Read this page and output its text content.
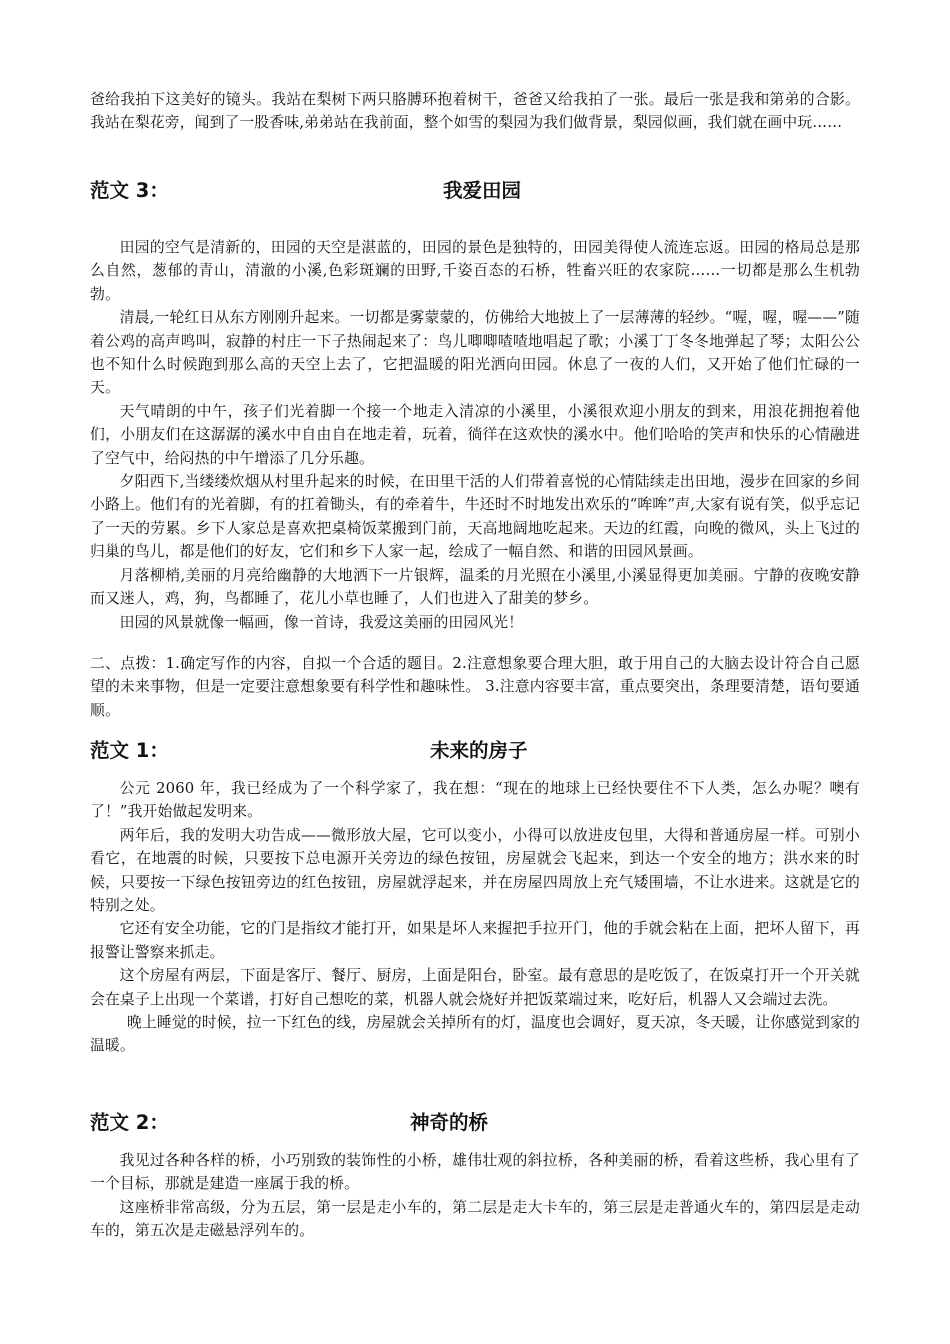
爸给我拍下这美好的镜头。我站在梨树下两只胳膊环抱着树干，爸爸又给我拍了一张。最后一张是我和第弟的合影。我站在梨花旁，闻到了一股香味,弟弟站在我前面，整个如雪的梨园为我们做背景，梨园似画，我们就在画中玩……

范文 3：	我爱田园

田园的空气是清新的，田园的天空是湛蓝的，田园的景色是独特的，田园美得使人流连忘返。田园的格局总是那么自然，葱郁的青山，清澈的小溪,色彩斑斓的田野,千姿百态的石桥，牲畜兴旺的农家院……一切都是那么生机勃勃。

清晨,一轮红日从东方刚刚升起来。一切都是雾蒙蒙的，仿佛给大地披上了一层薄薄的轻纱。“喔，喔，喔——”随着公鸡的高声鸣叫，寂静的村庄一下子热闹起来了：鸟儿唧唧喳喳地唱起了歌；小溪丁丁冬冬地弹起了琴；太阳公公也不知什么时候跑到那么高的天空上去了，它把温暖的阳光洒向田园。休息了一夜的人们，又开始了他们忙碌的一天。

天气晴朗的中午，孩子们光着脚一个接一个地走入清凉的小溪里，小溪很欢迎小朋友的到来，用浪花拥抱着他们，小朋友们在这潺潺的溪水中自由自在地走着，玩着，徜徉在这欢快的溪水中。他们哈哈的笑声和快乐的心情融进了空气中，给闷热的中午增添了几分乐趣。

夕阳西下,当缕缕炊烟从村里升起来的时候，在田里干活的人们带着喜悦的心情陆续走出田地，漫步在回家的乡间小路上。他们有的光着脚，有的扛着锄头，有的牵着牛，牛还时不时地发出欢乐的“哞哞”声,大家有说有笑，似乎忘记了一天的劳累。乡下人家总是喜欢把桌椅饭菜搬到门前，天高地阔地吃起来。天边的红霞，向晚的微风，头上飞过的归巢的鸟儿，都是他们的好友，它们和乡下人家一起，绘成了一幅自然、和谐的田园风景画。

月落柳梢,美丽的月亮给幽静的大地洒下一片银辉，温柔的月光照在小溪里,小溪显得更加美丽。宁静的夜晚安静而又迷人，鸡，狗，鸟都睡了，花儿小草也睡了，人们也进入了甜美的梦乡。

田园的风景就像一幅画，像一首诗，我爱这美丽的田园风光！

二、点拨：1.确定写作的内容，自拟一个合适的题目。2.注意想象要合理大胆，敢于用自己的大脑去设计符合自己愿望的未来事物，但是一定要注意想象要有科学性和趣味性。 3.注意内容要丰富，重点要突出，条理要清楚，语句要通顺。

范文 1：	未来的房子

公元 2060 年，我已经成为了一个科学家了，我在想：“现在的地球上已经快要住不下人类，怎么办呢？噢有了！”我开始做起发明来。

两年后，我的发明大功告成——微形放大屋，它可以变小，小得可以放进皮包里，大得和普通房屋一样。可别小看它，在地震的时候，只要按下总电源开关旁边的绿色按钮，房屋就会飞起来，到达一个安全的地方；洪水来的时候，只要按一下绿色按钮旁边的红色按钮，房屋就浮起来，并在房屋四周放上充气矮围墙，不让水进来。这就是它的特别之处。

它还有安全功能，它的门是指纹才能打开，如果是坏人来握把手拉开门，他的手就会粘在上面，把坏人留下，再报警让警察来抓走。

这个房屋有两层，下面是客厅、餐厅、厨房，上面是阳台，卧室。最有意思的是吃饭了，在饭桌打开一个开关就会在桌子上出现一个菜谱，打好自己想吃的菜，机器人就会烧好并把饭菜端过来，吃好后，机器人又会端过去洗。

晚上睡觉的时候，拉一下红色的线，房屋就会关掉所有的灯，温度也会调好，夏天凉，冬天暖，让你感觉到家的温暖。

范文 2：	神奇的桥

我见过各种各样的桥，小巧别致的装饰性的小桥，雄伟壮观的斜拉桥，各种美丽的桥，看着这些桥，我心里有了一个目标，那就是建造一座属于我的桥。

这座桥非常高级，分为五层，第一层是走小车的，第二层是走大卡车的，第三层是走普通火车的，第四层是走动车的，第五次是走磁悬浮列车的。
